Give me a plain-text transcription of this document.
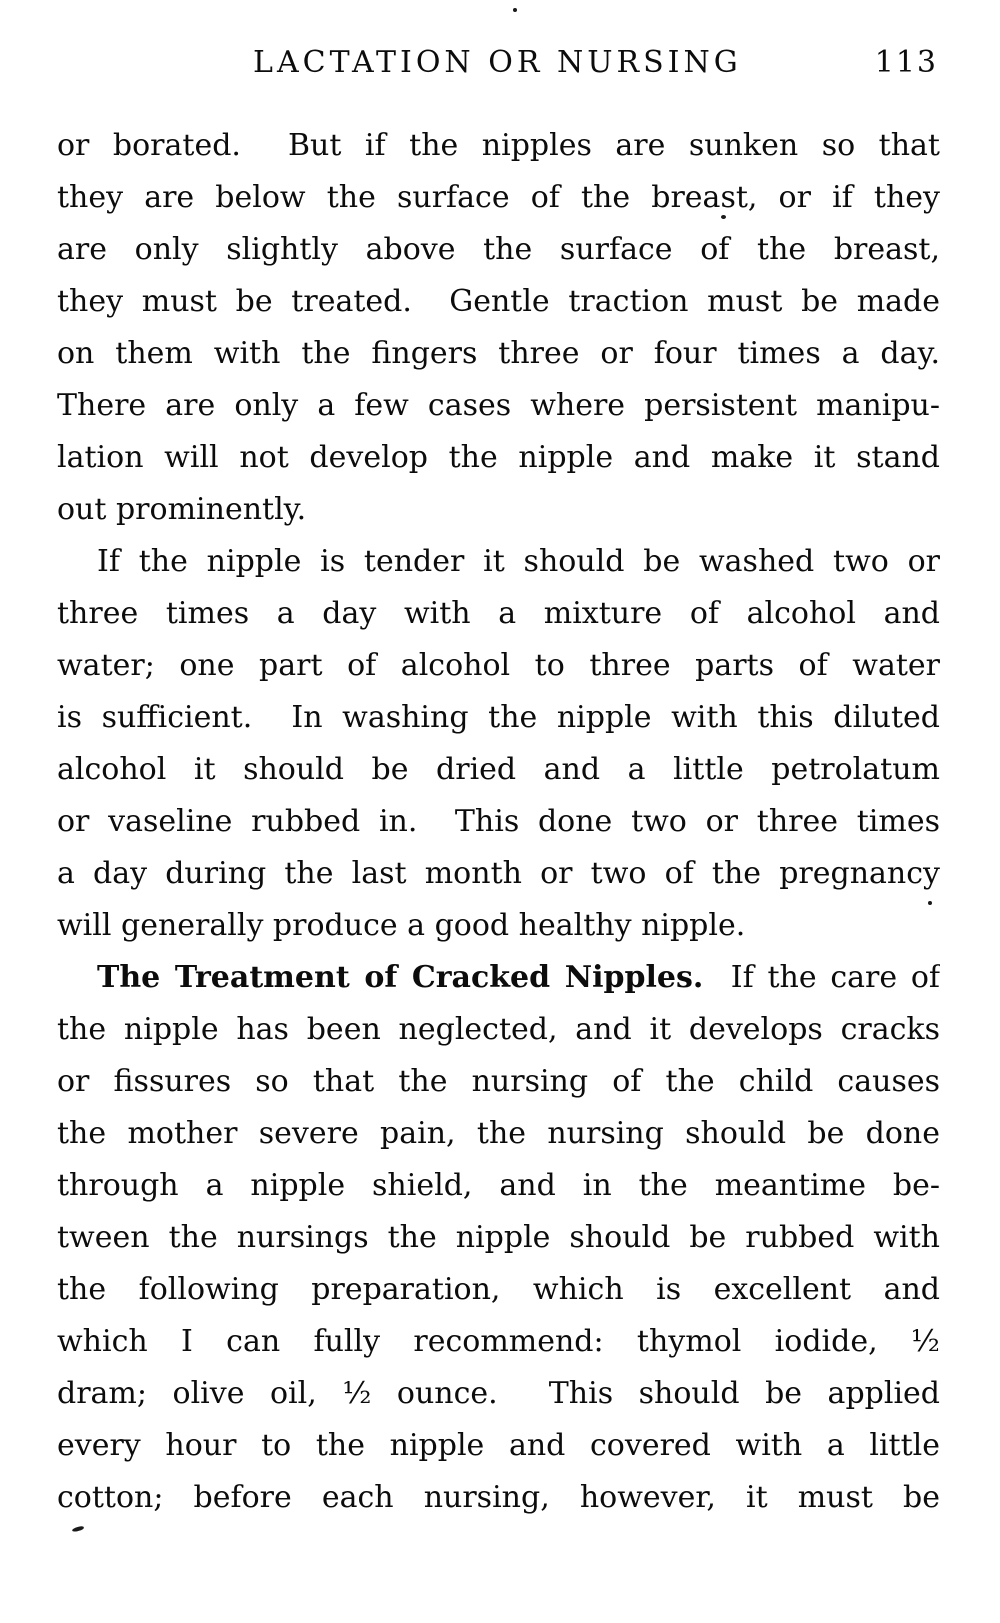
LACTATION OR NURSING	113
or borated.  But if the nipples are sunken so that
they are below the surface of the breast, or if they
are only slightly above the surface of the breast,
they must be treated.  Gentle traction must be made
on them with the fingers three or four times a day.
There are only a few cases where persistent manipu-
lation will not develop the nipple and make it stand
out prominently.
If the nipple is tender it should be washed two or
three times a day with a mixture of alcohol and
water; one part of alcohol to three parts of water
is sufficient.  In washing the nipple with this diluted
alcohol it should be dried and a little petrolatum
or vaseline rubbed in.  This done two or three times
a day during the last month or two of the pregnancy
will generally produce a good healthy nipple.
The Treatment of Cracked Nipples.  If the care of
the nipple has been neglected, and it develops cracks
or fissures so that the nursing of the child causes
the mother severe pain, the nursing should be done
through a nipple shield, and in the meantime be-
tween the nursings the nipple should be rubbed with
the following preparation, which is excellent and
which I can fully recommend: thymol iodide, ½
dram; olive oil, ½ ounce.  This should be applied
every hour to the nipple and covered with a little
cotton; before each nursing, however, it must be
